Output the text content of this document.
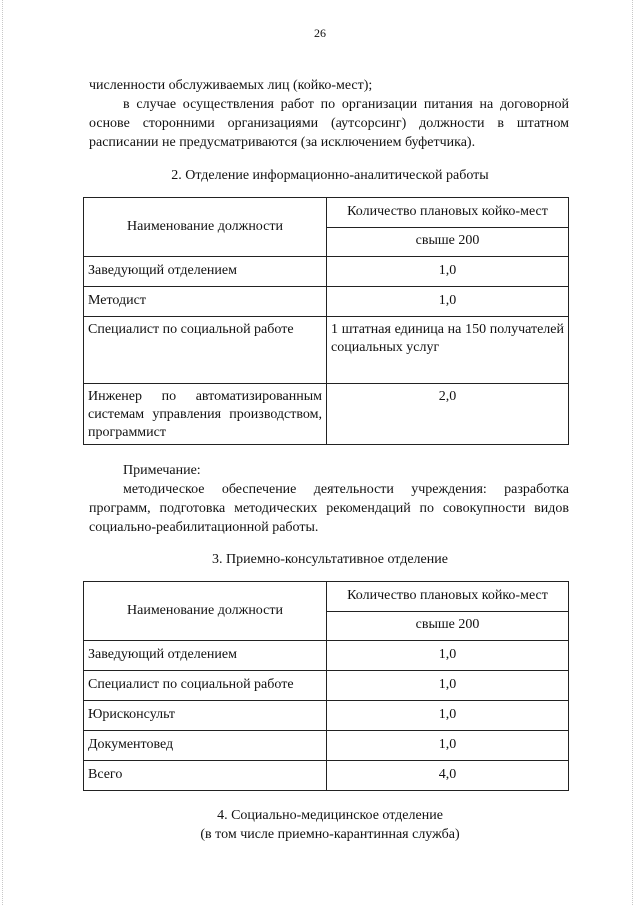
26
численности обслуживаемых лиц (койко-мест);
в случае осуществления работ по организации питания на договорной основе сторонними организациями (аутсорсинг) должности в штатном расписании не предусматриваются (за исключением буфетчика).
2. Отделение информационно-аналитической работы
Наименование должности	Количество плановых койко-мест
	свыше 200
Заведующий отделением	1,0
Методист	1,0
Специалист по социальной работе	1 штатная единица на 150 получателей социальных услуг
Инженер по автоматизированным системам управления производством, программист	2,0
Примечание:
методическое обеспечение деятельности учреждения: разработка программ, подготовка методических рекомендаций по совокупности видов социально-реабилитационной работы.
3. Приемно-консультативное отделение
Наименование должности	Количество плановых койко-мест
	свыше 200
Заведующий отделением	1,0
Специалист по социальной работе	1,0
Юрисконсульт	1,0
Документовед	1,0
Всего	4,0
4. Социально-медицинское отделение
(в том числе приемно-карантинная служба)
